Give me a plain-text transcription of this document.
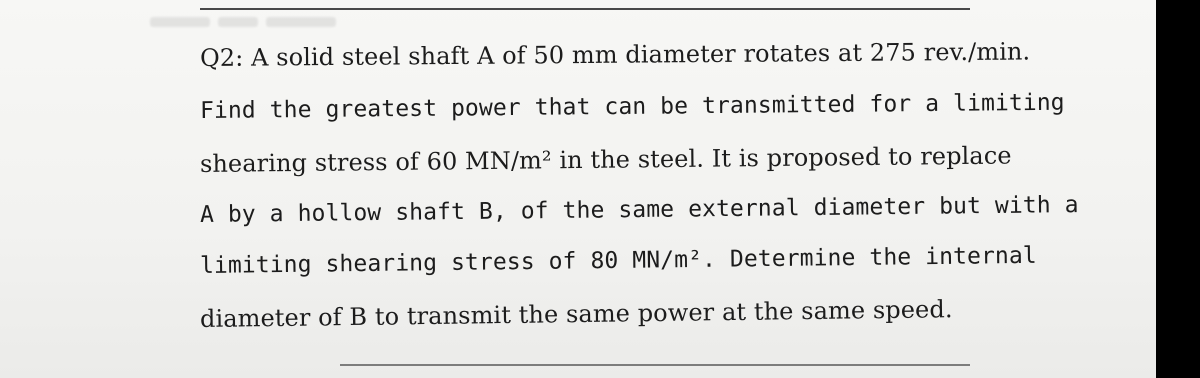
Q2: A solid steel shaft A of 50 mm diameter rotates at 275 rev./min.
Find the greatest power that can be transmitted for a limiting
shearing stress of 60 MN/m² in the steel. It is proposed to replace
A by a hollow shaft B, of the same external diameter but with a
limiting shearing stress of 80 MN/m². Determine the internal
diameter of B to transmit the same power at the same speed.
